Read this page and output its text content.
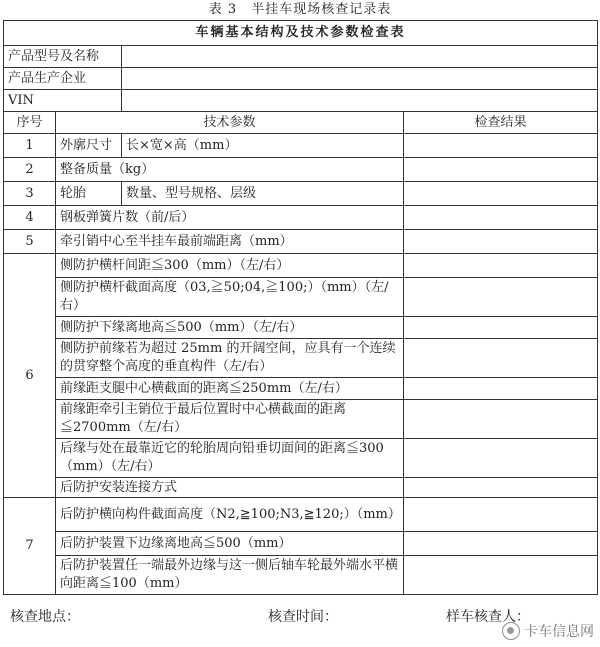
表 3　半挂车现场核查记录表
车辆基本结构及技术参数检查表			
产品型号及名称			
产品生产企业			
VIN			
序号	技术参数		检查结果
1	外廓尺寸	长×宽×高（mm）	
2	整备质量（kg）		
3	轮胎	数量、型号规格、层级	
4	钢板弹簧片数（前/后）		
5	牵引销中心至半挂车最前端距离（mm）		
6	侧防护横杆间距≦300（mm）（左/右）		
	侧防护横杆截面高度（03,≧50;04,≧100;）（mm）（左/右）		
	侧防护下缘离地高≦500（mm）（左/右）		
	侧防护前缘若为超过 25mm 的开阔空间，应具有一个连续的贯穿整个高度的垂直构件（左/右）		
	前缘距支腿中心横截面的距离≦250mm（左/右）		
	前缘距牵引主销位于最后位置时中心横截面的距离≦2700mm（左/右）		
	后缘与处在最靠近它的轮胎周向铅垂切面间的距离≦300（mm）（左/右）		
	后防护安装连接方式		
7	后防护横向构件截面高度（N2,≧100;N3,≧120;）（mm）		
	后防护装置下边缘离地高≦500（mm）		
	后防护装置任一端最外边缘与这一侧后轴车轮最外端水平横向距离≦100（mm）		
核查地点：	核查时间：	样车核查人：
卡车信息网
